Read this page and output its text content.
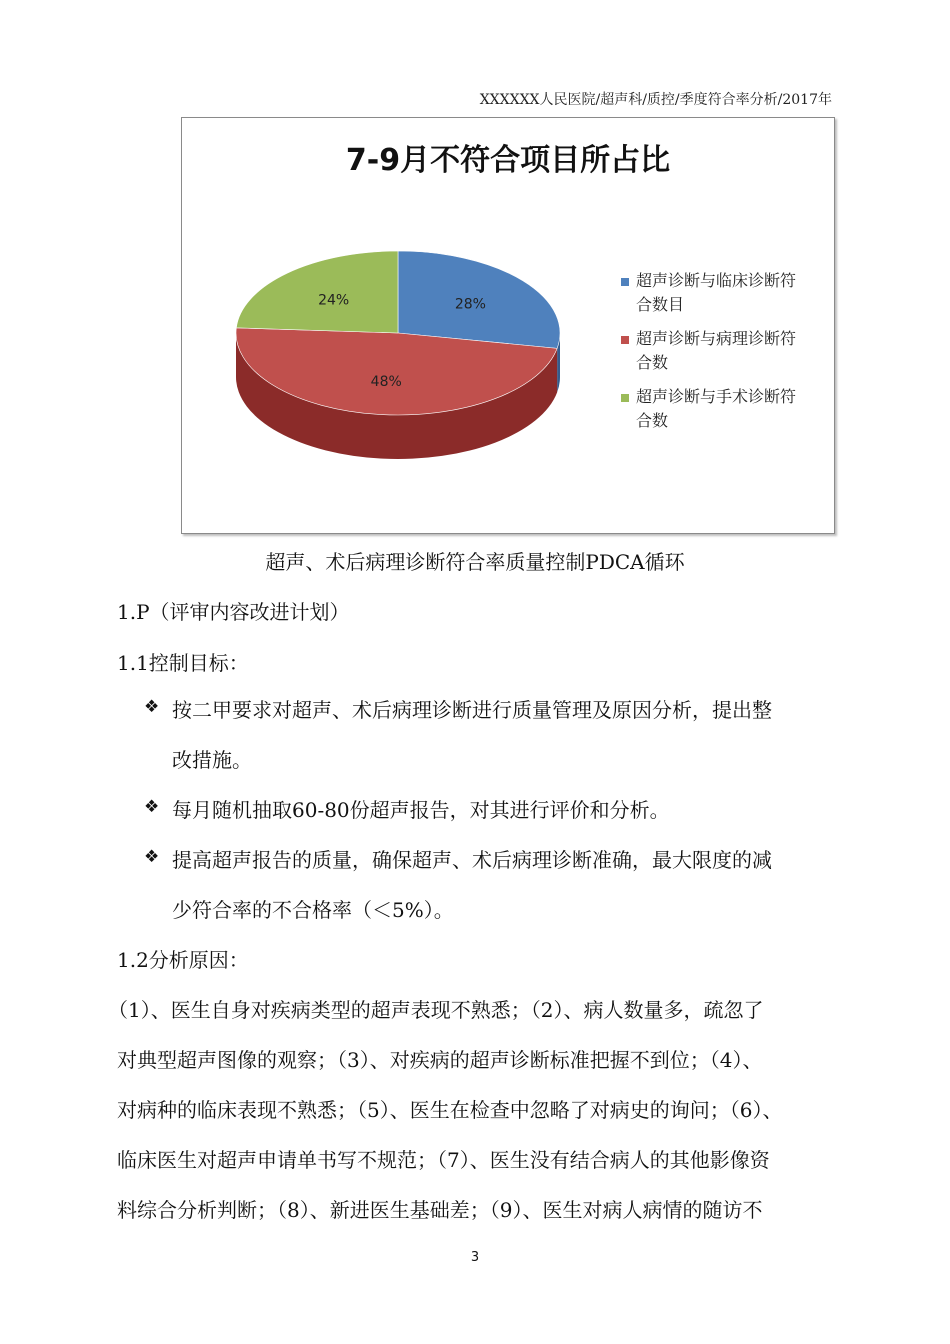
XXXXXX人民医院/超声科/质控/季度符合率分析/2017年
7-9月不符合项目所占比
28%
48%
24%
超声诊断与临床诊断符
合数目
超声诊断与病理诊断符
合数
超声诊断与手术诊断符
合数
超声、术后病理诊断符合率质量控制PDCA循环
1.P（评审内容改进计划）
1.1控制目标：
❖ 按二甲要求对超声、术后病理诊断进行质量管理及原因分析，提出整
改措施。
❖ 每月随机抽取60-80份超声报告，对其进行评价和分析。
❖ 提高超声报告的质量，确保超声、术后病理诊断准确，最大限度的减
少符合率的不合格率（＜5%）。
1.2分析原因：
（1）、医生自身对疾病类型的超声表现不熟悉；（2）、病人数量多，疏忽了
对典型超声图像的观察；（3）、对疾病的超声诊断标准把握不到位；（4）、
对病种的临床表现不熟悉；（5）、医生在检查中忽略了对病史的询问；（6）、
临床医生对超声申请单书写不规范；（7）、医生没有结合病人的其他影像资
料综合分析判断；（8）、新进医生基础差；（9）、医生对病人病情的随访不
3
